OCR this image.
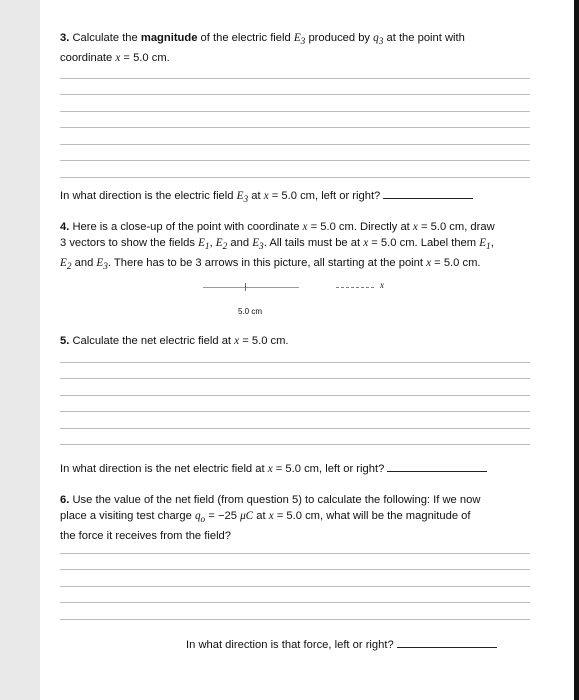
3. Calculate the magnitude of the electric field $E_3$ produced by $q_3$ at the point with
coordinate x = 5.0 cm.
In what direction is the electric field $E_3$ at x = 5.0 cm, left or right?
4. Here is a close-up of the point with coordinate x = 5.0 cm. Directly at x = 5.0 cm, draw
3 vectors to show the fields $E_1$, $E_2$ and $E_3$. All tails must be at x = 5.0 cm. Label them $E_1$,
$E_2$ and $E_3$. There has to be 3 arrows in this picture, all starting at the point x = 5.0 cm.
x
5.0 cm
5. Calculate the net electric field at x = 5.0 cm.
In what direction is the net electric field at x = 5.0 cm, left or right?
6. Use the value of the net field (from question 5) to calculate the following: If we now
place a visiting test charge $q_o = -25$ μC at x = 5.0 cm, what will be the magnitude of
the force it receives from the field?
In what direction is that force, left or right?
